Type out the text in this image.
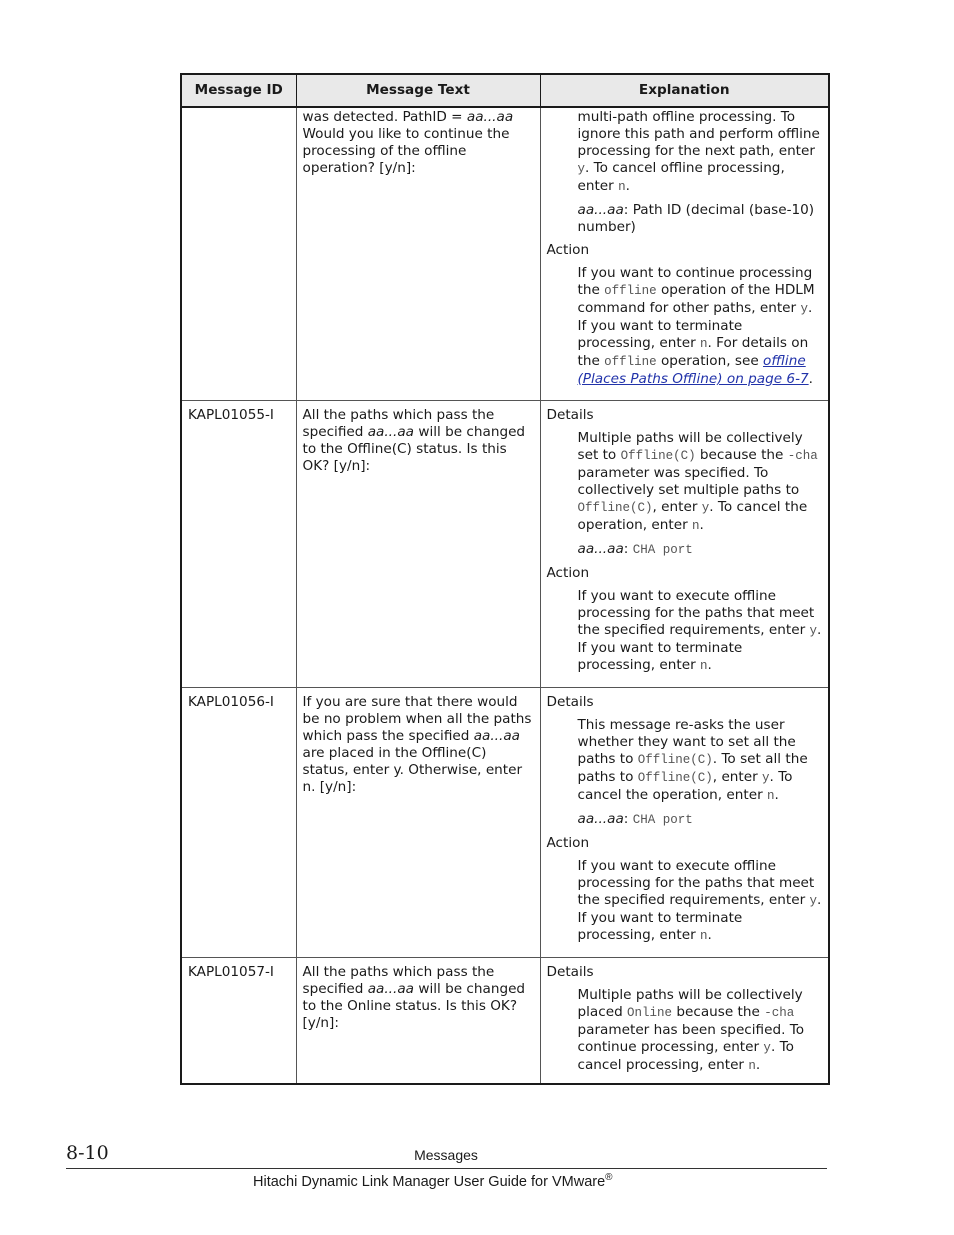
Message ID	Message Text	Explanation
	was detected. PathID = aa...aa Would you like to continue the processing of the offline operation? [y/n]:	multi-path offline processing. To ignore this path and perform offline processing for the next path, enter y. To cancel offline processing, enter n.

aa...aa: Path ID (decimal (base-10) number)

Action

If you want to continue processing the offline operation of the HDLM command for other paths, enter y. If you want to terminate processing, enter n. For details on the offline operation, see offline (Places Paths Offline) on page 6-7.

KAPL01055-I	All the paths which pass the specified aa...aa will be changed to the Offline(C) status. Is this OK? [y/n]:	Details

Multiple paths will be collectively set to Offline(C) because the -cha parameter was specified. To collectively set multiple paths to Offline(C), enter y. To cancel the operation, enter n.

aa...aa: CHA port

Action

If you want to execute offline processing for the paths that meet the specified requirements, enter y. If you want to terminate processing, enter n.

KAPL01056-I	If you are sure that there would be no problem when all the paths which pass the specified aa...aa are placed in the Offline(C) status, enter y. Otherwise, enter n. [y/n]:	Details

This message re-asks the user whether they want to set all the paths to Offline(C). To set all the paths to Offline(C), enter y. To cancel the operation, enter n.

aa...aa: CHA port

Action

If you want to execute offline processing for the paths that meet the specified requirements, enter y. If you want to terminate processing, enter n.

KAPL01057-I	All the paths which pass the specified aa...aa will be changed to the Online status. Is this OK? [y/n]:	Details

Multiple paths will be collectively placed Online because the -cha parameter has been specified. To continue processing, enter y. To cancel processing, enter n.

8-10	Messages
Hitachi Dynamic Link Manager User Guide for VMware®
